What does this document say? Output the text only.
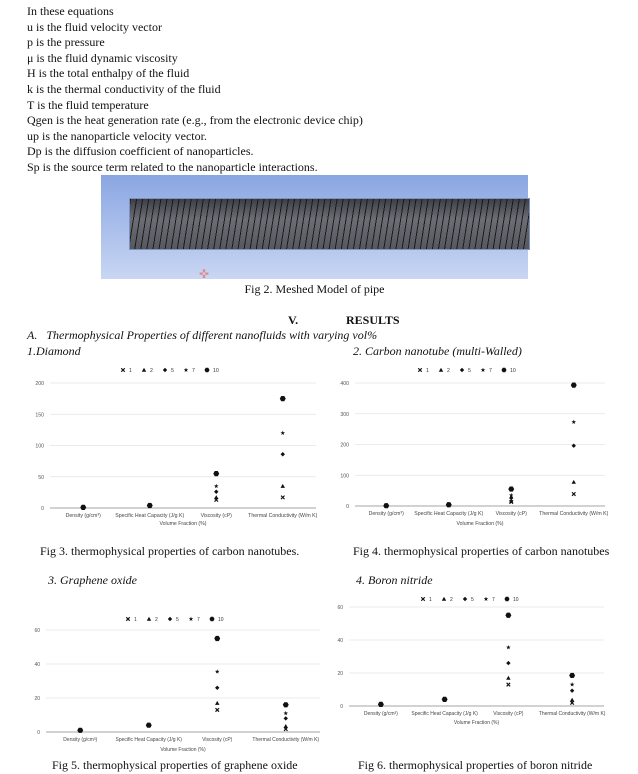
In these equations
u is the fluid velocity vector
p is the pressure
μ is the fluid dynamic viscosity
H is the total enthalpy of the fluid
k is the thermal conductivity of the fluid
T is the fluid temperature
Qgen is the heat generation rate (e.g., from the electronic device chip)
up is the nanoparticle velocity vector.
Dp is the diffusion coefficient of nanoparticles.
Sp is the source term related to the nanoparticle interactions.
✜
Fig 2. Meshed Model of pipe
V.	RESULTS
A.   Thermophysical Properties of different nanofluids with varying vol%
1.Diamond	2. Carbon nanotube (multi-Walled)
0
50
100
150
200
Density (g/cm³)	Specific Heat Capacity (J/g K)	Viscosity (cP)	Thermal Conductivity (W/m K)
Volume Fraction (%)
1	2	5	7	10
0
100
200
300
400
Density (g/cm³) Specific Heat Capacity (J/g K) Viscosity (cP) Thermal Conductivity (W/m K)
Volume Fraction (%)
1	2	5	7	10
Fig 3. thermophysical properties of carbon nanotubes.	Fig 4. thermophysical properties of carbon nanotubes
3. Graphene oxide	4. Boron nitride
0
20
40
60
Density (g/cm³)	Specific Heat Capacity (J/g K)	Viscosity (cP)	Thermal Conductivity (W/m K)
Volume Fraction (%)
1	2	5	7	10
0
20
40
60
Density (g/cm³)	Specific Heat Capacity (J/g K)	Viscosity (cP)	Thermal Conductivity (W/m K)
Volume Fraction (%)
1	2	5	7	10
Fig 5. thermophysical properties of graphene oxide	Fig 6. thermophysical properties of boron nitride
